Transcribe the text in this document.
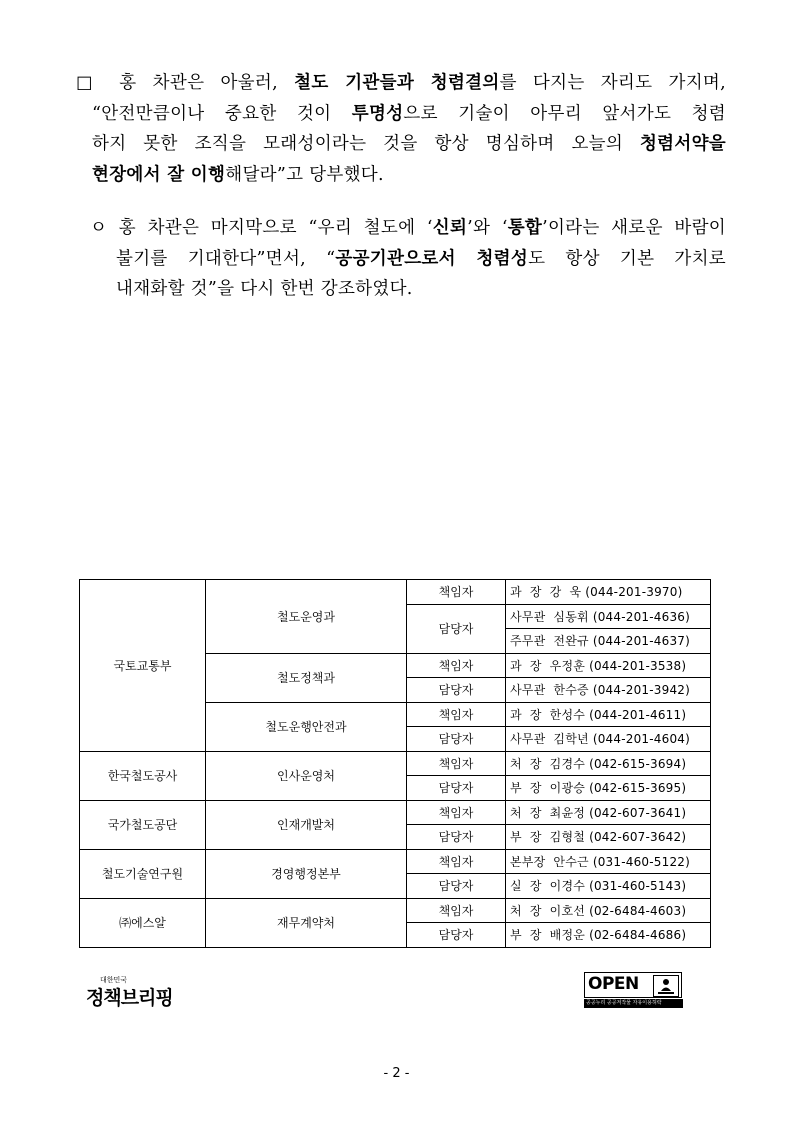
□ 홍 차관은 아울러, 철도 기관들과 청렴결의를 다지는 자리도 가지며,
“안전만큼이나 중요한 것이 투명성으로 기술이 아무리 앞서가도 청렴
하지 못한 조직을 모래성이라는 것을 항상 명심하며 오늘의 청렴서약을
현장에서 잘 이행해달라”고 당부했다.
ㅇ 홍 차관은 마지막으로 “우리 철도에 ‘신뢰’와 ‘통합’이라는 새로운 바람이
불기를 기대한다”면서, “공공기관으로서 청렴성도 항상 기본 가치로
내재화할 것”을 다시 한번 강조하였다.
국토교통부	철도운영과	책임자	과  장 강  욱 (044-201-3970)
		담당자	사무관 심동휘 (044-201-4636)
			주무관 전완규 (044-201-4637)
	철도정책과	책임자	과  장 우정훈 (044-201-3538)
		담당자	사무관 한수증 (044-201-3942)
	철도운행안전과	책임자	과  장 한성수 (044-201-4611)
		담당자	사무관 김학년 (044-201-4604)
한국철도공사	인사운영처	책임자	처  장 김경수 (042-615-3694)
		담당자	부  장 이광승 (042-615-3695)
국가철도공단	인재개발처	책임자	처  장 최윤정 (042-607-3641)
		담당자	부  장 김형철 (042-607-3642)
철도기술연구원	경영행정본부	책임자	본부장 안수근 (031-460-5122)
		담당자	실  장 이경수 (031-460-5143)
㈜에스알	재무계약처	책임자	처  장 이호선 (02-6484-4603)
		담당자	부  장 배정운 (02-6484-4686)
대한민국
정책브리핑
OPEN
공공누리 공공저작물 자유이용허락
- 2 -
